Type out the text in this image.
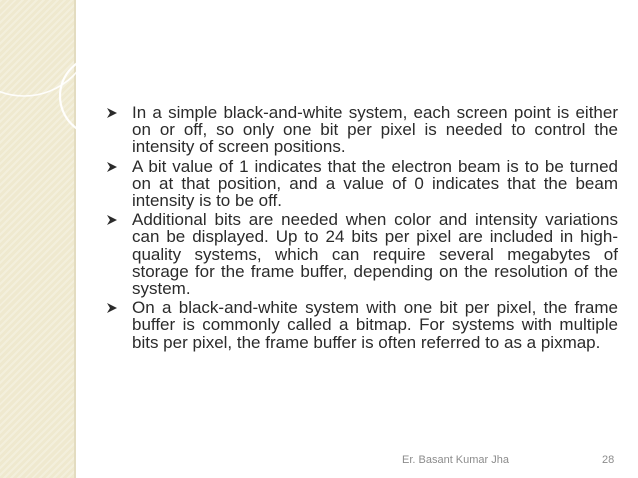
In a simple black-and-white system, each screen point is either on or off, so only one bit per pixel is needed to control the intensity of screen positions.
A bit value of 1 indicates that the electron beam is to be turned on at that position, and a value of 0 indicates that the beam intensity is to be off.
Additional bits are needed when color and intensity variations can be displayed. Up to 24 bits per pixel are included in high-quality systems, which can require several megabytes of storage for the frame buffer, depending on the resolution of the system.
On a black-and-white system with one bit per pixel, the frame buffer is commonly called a bitmap. For systems with multiple bits per pixel, the frame buffer is often referred to as a pixmap.
Er. Basant Kumar Jha	28
